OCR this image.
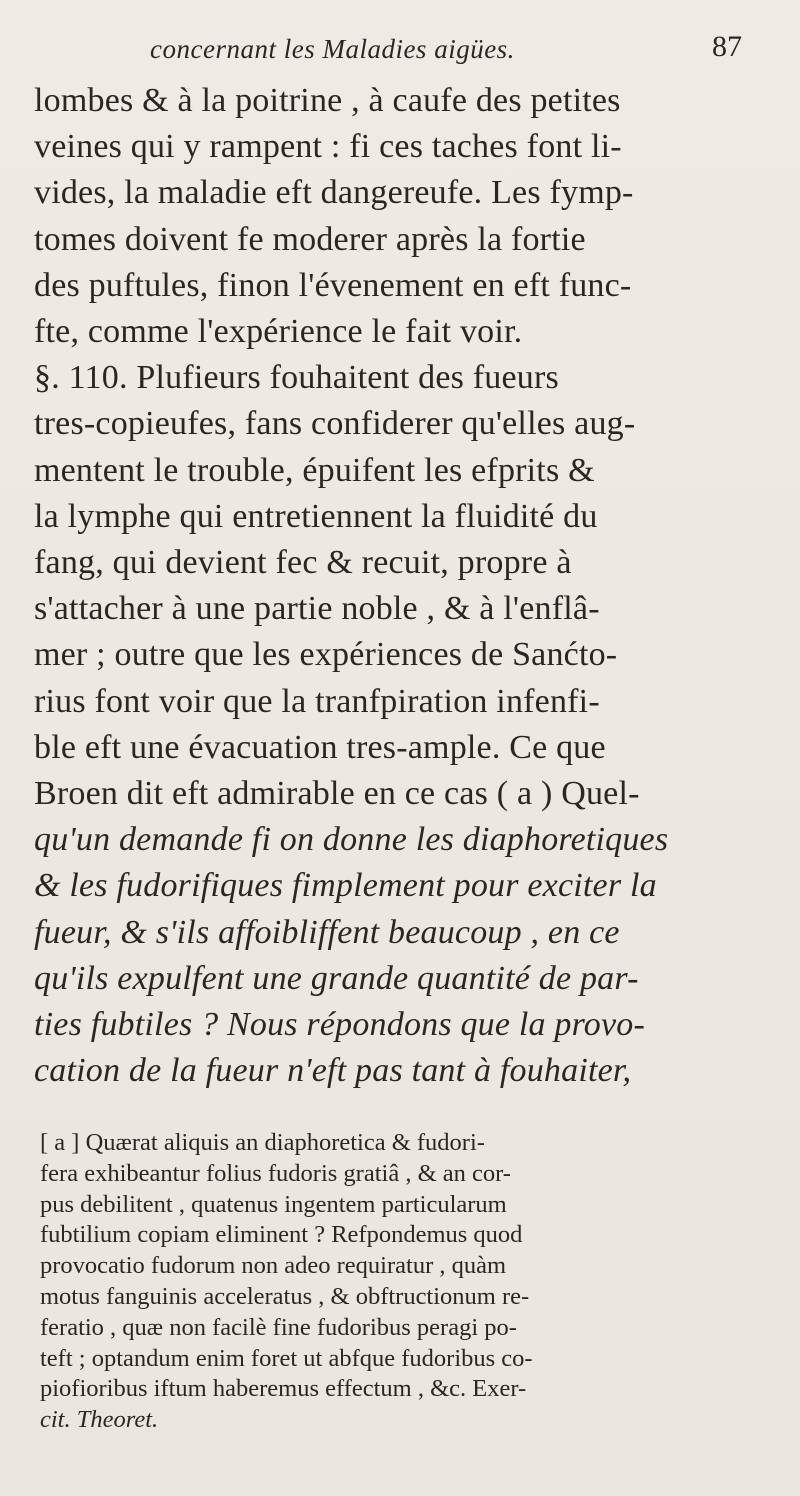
concernant les Maladies aigües.	87
lombes & à la poitrine , à caufe des petites
veines qui y rampent : fi ces taches font li-
vides, la maladie eft dangereufe. Les fymp-
tomes doivent fe moderer après la fortie
des puftules, finon l'évenement en eft func-
fte, comme l'expérience le fait voir.
§. 110. Plufieurs fouhaitent des fueurs
tres-copieufes, fans confiderer qu'elles aug-
mentent le trouble, épuifent les efprits &
la lymphe qui entretiennent la fluidité du
fang, qui devient fec & recuit, propre à
s'attacher à une partie noble , & à l'enflâ-
mer ; outre que les expériences de Sanćto-
rius font voir que la tranfpiration infenfi-
ble eft une évacuation tres-ample. Ce que
Broen dit eft admirable en ce cas ( a ) Quel-
qu'un demande fi on donne les diaphoretiques
& les fudorifiques fimplement pour exciter la
fueur, & s'ils affoibliffent beaucoup , en ce
qu'ils expulfent une grande quantité de par-
ties fubtiles ? Nous répondons que la provo-
cation de la fueur n'eft pas tant à fouhaiter,
[ a ] Quærat aliquis an diaphoretica & fudori-
fera exhibeantur folius fudoris gratiâ , & an cor-
pus debilitent , quatenus ingentem particularum
fubtilium copiam eliminent ? Refpondemus quod
provocatio fudorum non adeo requiratur , quàm
motus fanguinis acceleratus , & obftructionum re-
feratio , quæ non facilè fine fudoribus peragi po-
teft ; optandum enim foret ut abfque fudoribus co-
piofioribus iftum haberemus effectum , &c. Exer-
cit. Theoret.
